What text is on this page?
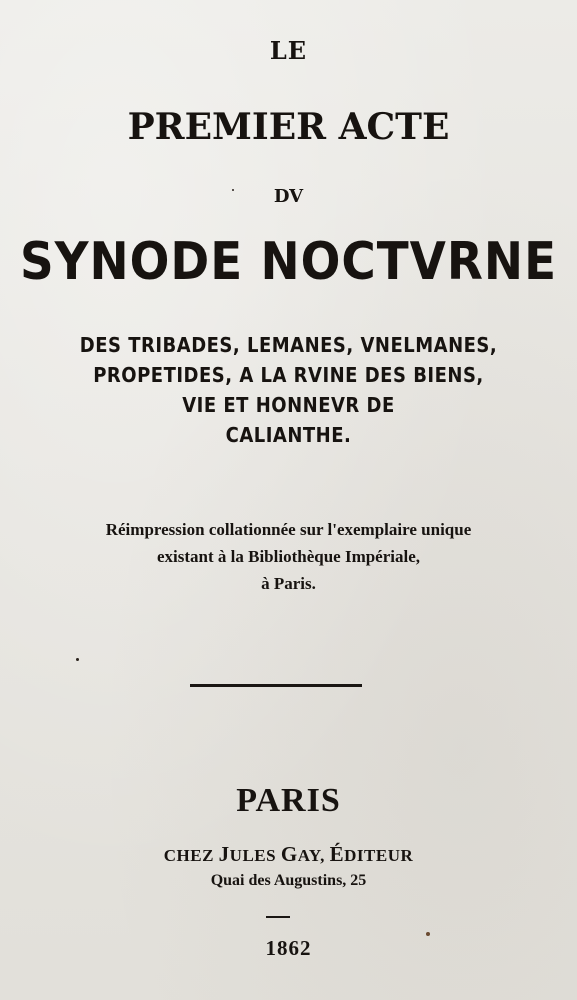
LE
PREMIER ACTE
DV
SYNODE NOCTVRNE
DES TRIBADES, LEMANES, VNELMANES,
PROPETIDES, A LA RVINE DES BIENS,
VIE ET HONNEVR DE
CALIANTHE.
Réimpression collationnée sur l'exemplaire unique
existant à la Bibliothèque Impériale,
à Paris.
PARIS
CHEZ JULES GAY, ÉDITEUR
Quai des Augustins, 25
1862
